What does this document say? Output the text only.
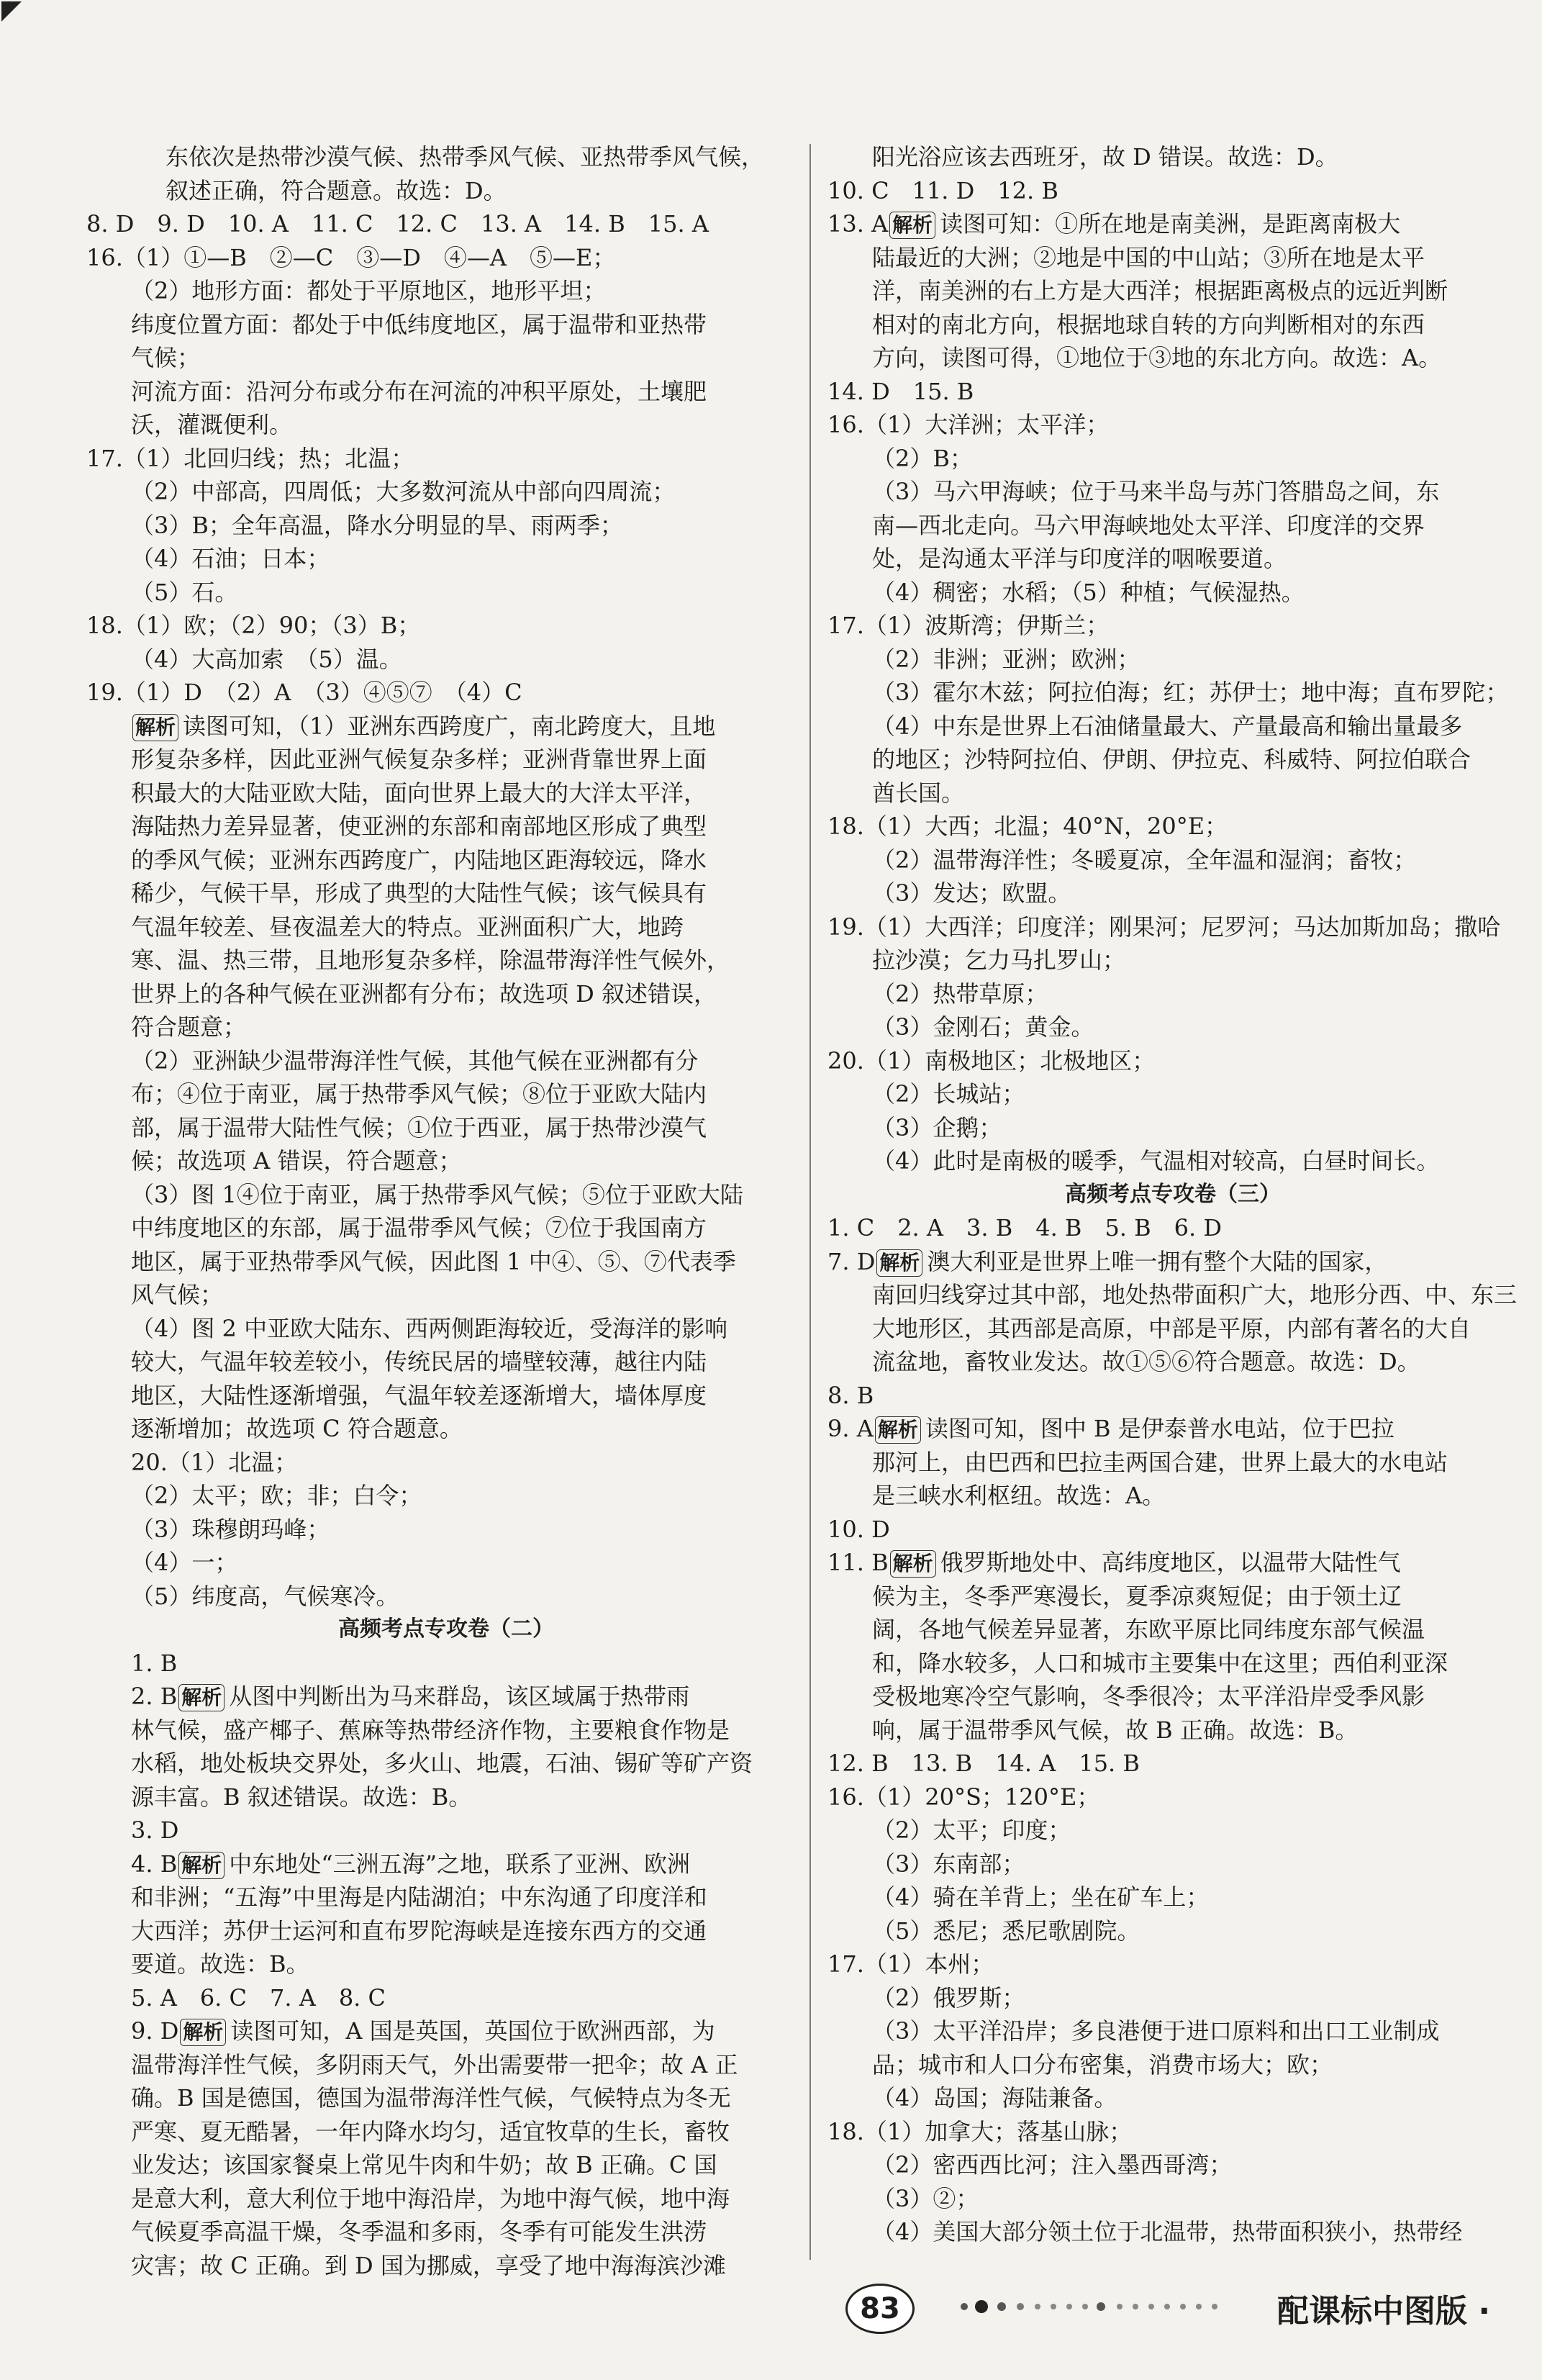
东依次是热带沙漠气候、热带季风气候、亚热带季风气候，
叙述正确，符合题意。故选：D。
8. D　9. D　10. A　11. C　12. C　13. A　14. B　15. A
16.（1）①—B　②—C　③—D　④—A　⑤—E；
（2）地形方面：都处于平原地区，地形平坦；
纬度位置方面：都处于中低纬度地区，属于温带和亚热带
气候；
河流方面：沿河分布或分布在河流的冲积平原处，土壤肥
沃，灌溉便利。
17.（1）北回归线；热；北温；
（2）中部高，四周低；大多数河流从中部向四周流；
（3）B；全年高温，降水分明显的旱、雨两季；
（4）石油；日本；
（5）石。
18.（1）欧；（2）90；（3）B；
（4）大高加索　（5）温。
19.（1）D　（2）A　（3）④⑤⑦　（4）C
解析 读图可知，（1）亚洲东西跨度广，南北跨度大，且地
形复杂多样，因此亚洲气候复杂多样；亚洲背靠世界上面
积最大的大陆亚欧大陆，面向世界上最大的大洋太平洋，
海陆热力差异显著，使亚洲的东部和南部地区形成了典型
的季风气候；亚洲东西跨度广，内陆地区距海较远，降水
稀少，气候干旱，形成了典型的大陆性气候；该气候具有
气温年较差、昼夜温差大的特点。亚洲面积广大，地跨
寒、温、热三带，且地形复杂多样，除温带海洋性气候外，
世界上的各种气候在亚洲都有分布；故选项 D 叙述错误，
符合题意；
（2）亚洲缺少温带海洋性气候，其他气候在亚洲都有分
布；④位于南亚，属于热带季风气候；⑧位于亚欧大陆内
部，属于温带大陆性气候；①位于西亚，属于热带沙漠气
候；故选项 A 错误，符合题意；
（3）图 1④位于南亚，属于热带季风气候；⑤位于亚欧大陆
中纬度地区的东部，属于温带季风气候；⑦位于我国南方
地区，属于亚热带季风气候，因此图 1 中④、⑤、⑦代表季
风气候；
（4）图 2 中亚欧大陆东、西两侧距海较近，受海洋的影响
较大，气温年较差较小，传统民居的墙壁较薄，越往内陆
地区，大陆性逐渐增强，气温年较差逐渐增大，墙体厚度
逐渐增加；故选项 C 符合题意。
20.（1）北温；
（2）太平；欧；非；白令；
（3）珠穆朗玛峰；
（4）一；
（5）纬度高，气候寒冷。
高频考点专攻卷（二）
1. B
2. B 解析 从图中判断出为马来群岛，该区域属于热带雨
林气候，盛产椰子、蕉麻等热带经济作物，主要粮食作物是
水稻，地处板块交界处，多火山、地震，石油、锡矿等矿产资
源丰富。B 叙述错误。故选：B。
3. D
4. B 解析 中东地处“三洲五海”之地，联系了亚洲、欧洲
和非洲；“五海”中里海是内陆湖泊；中东沟通了印度洋和
大西洋；苏伊士运河和直布罗陀海峡是连接东西方的交通
要道。故选：B。
5. A　6. C　7. A　8. C
9. D 解析 读图可知，A 国是英国，英国位于欧洲西部，为
温带海洋性气候，多阴雨天气，外出需要带一把伞；故 A 正
确。B 国是德国，德国为温带海洋性气候，气候特点为冬无
严寒、夏无酷暑，一年内降水均匀，适宜牧草的生长，畜牧
业发达；该国家餐桌上常见牛肉和牛奶；故 B 正确。C 国
是意大利，意大利位于地中海沿岸，为地中海气候，地中海
气候夏季高温干燥，冬季温和多雨，冬季有可能发生洪涝
灾害；故 C 正确。到 D 国为挪威，享受了地中海海滨沙滩
阳光浴应该去西班牙，故 D 错误。故选：D。
10. C　11. D　12. B
13. A 解析 读图可知：①所在地是南美洲，是距离南极大
陆最近的大洲；②地是中国的中山站；③所在地是太平
洋，南美洲的右上方是大西洋；根据距离极点的远近判断
相对的南北方向，根据地球自转的方向判断相对的东西
方向，读图可得，①地位于③地的东北方向。故选：A。
14. D　15. B
16.（1）大洋洲；太平洋；
（2）B；
（3）马六甲海峡；位于马来半岛与苏门答腊岛之间，东
南—西北走向。马六甲海峡地处太平洋、印度洋的交界
处，是沟通太平洋与印度洋的咽喉要道。
（4）稠密；水稻；（5）种植；气候湿热。
17.（1）波斯湾；伊斯兰；
（2）非洲；亚洲；欧洲；
（3）霍尔木兹；阿拉伯海；红；苏伊士；地中海；直布罗陀；
（4）中东是世界上石油储量最大、产量最高和输出量最多
的地区；沙特阿拉伯、伊朗、伊拉克、科威特、阿拉伯联合
酋长国。
18.（1）大西；北温；40°N，20°E；
（2）温带海洋性；冬暖夏凉，全年温和湿润；畜牧；
（3）发达；欧盟。
19.（1）大西洋；印度洋；刚果河；尼罗河；马达加斯加岛；撒哈
拉沙漠；乞力马扎罗山；
（2）热带草原；
（3）金刚石；黄金。
20.（1）南极地区；北极地区；
（2）长城站；
（3）企鹅；
（4）此时是南极的暖季，气温相对较高，白昼时间长。
高频考点专攻卷（三）
1. C　2. A　3. B　4. B　5. B　6. D
7. D 解析 澳大利亚是世界上唯一拥有整个大陆的国家，
南回归线穿过其中部，地处热带面积广大，地形分西、中、东三
大地形区，其西部是高原，中部是平原，内部有著名的大自
流盆地，畜牧业发达。故①⑤⑥符合题意。故选：D。
8. B
9. A 解析 读图可知，图中 B 是伊泰普水电站，位于巴拉
那河上，由巴西和巴拉圭两国合建，世界上最大的水电站
是三峡水利枢纽。故选：A。
10. D
11. B 解析 俄罗斯地处中、高纬度地区，以温带大陆性气
候为主，冬季严寒漫长，夏季凉爽短促；由于领土辽
阔，各地气候差异显著，东欧平原比同纬度东部气候温
和，降水较多，人口和城市主要集中在这里；西伯利亚深
受极地寒冷空气影响，冬季很冷；太平洋沿岸受季风影
响，属于温带季风气候，故 B 正确。故选：B。
12. B　13. B　14. A　15. B
16.（1）20°S；120°E；
（2）太平；印度；
（3）东南部；
（4）骑在羊背上；坐在矿车上；
（5）悉尼；悉尼歌剧院。
17.（1）本州；
（2）俄罗斯；
（3）太平洋沿岸；多良港便于进口原料和出口工业制成
品；城市和人口分布密集，消费市场大；欧；
（4）岛国；海陆兼备。
18.（1）加拿大；落基山脉；
（2）密西西比河；注入墨西哥湾；
（3）②；
（4）美国大部分领土位于北温带，热带面积狭小，热带经
83	配课标中图版 ·
